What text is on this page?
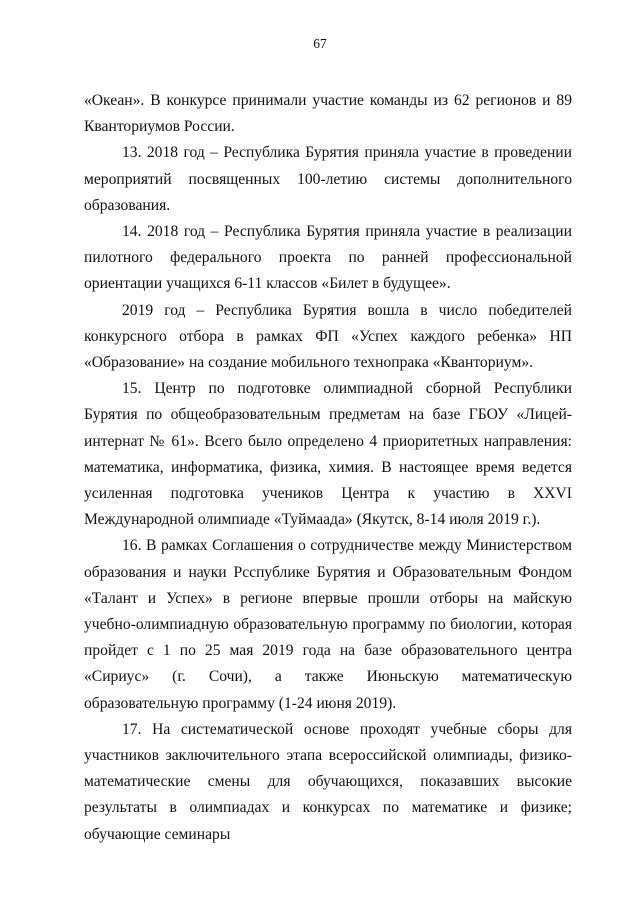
67

«Океан». В конкурсе принимали участие команды из 62 регионов и 89 Кванториумов России.

13. 2018 год – Республика Бурятия приняла участие в проведении мероприятий посвященных 100-летию системы дополнительного образования.

14. 2018 год – Республика Бурятия приняла участие в реализации пилотного федерального проекта по ранней профессиональной ориентации учащихся 6-11 классов «Билет в будущее».

2019 год – Республика Бурятия вошла в число победителей конкурсного отбора в рамках ФП «Успех каждого ребенка» НП «Образование» на создание мобильного технопракa «Кванториум».

15. Центр по подготовке олимпиадной сборной Республики Бурятия по общеобразовательным предметам на базе ГБОУ «Лицей-интернат № 61». Всего было определено 4 приоритетных направления: математика, информатика, физика, химия. В настоящее время ведется усиленная подготовка учеников Центра к участию в XXVI Международной олимпиаде «Туймаада» (Якутск, 8-14 июля 2019 г.).

16. В рамках Соглашения о сотрудничестве между Министерством образования и науки Рсспублике Бурятия и Образовательным Фондом «Талант и Успех» в регионе впервые прошли отборы на майскую учебно-олимпиадную образовательную программу по биологии, которая пройдет с 1 по 25 мая 2019 года на базе образовательного центра «Сириус» (г. Сочи), а также Июньскую математическую образовательную программу (1-24 июня 2019).

17. На систематической основе проходят учебные сборы для участников заключительного этапа всероссийской олимпиады, физико-математические смены для обучающихся, показавших высокие результаты в олимпиадах и конкурсах по математике и физике; обучающие семинары
